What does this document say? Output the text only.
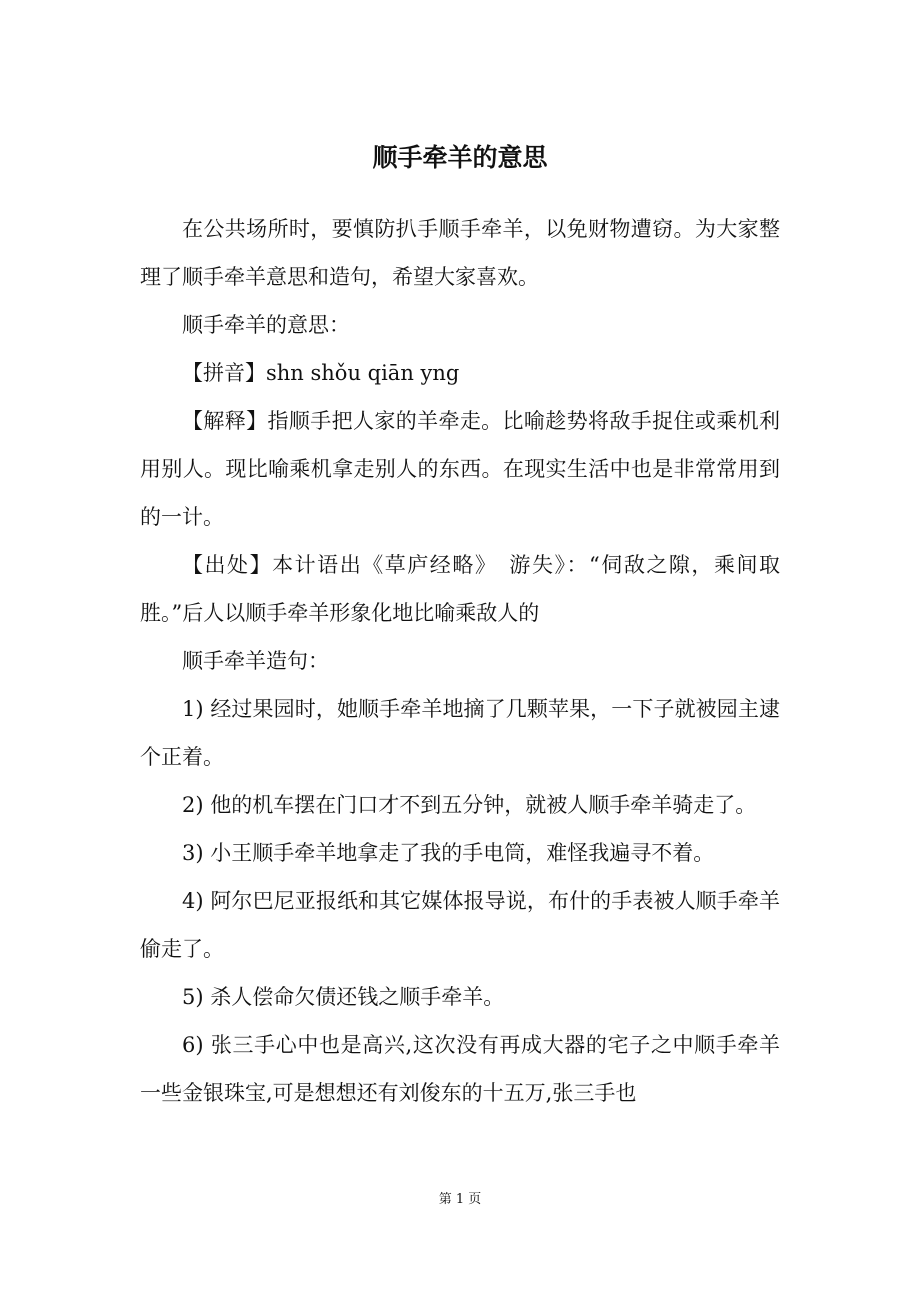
顺手牵羊的意思

在公共场所时，要慎防扒手顺手牵羊，以免财物遭窃。为大家整理了顺手牵羊意思和造句，希望大家喜欢。

顺手牵羊的意思：

【拼音】shn shǒu qiān yng

【解释】指顺手把人家的羊牵走。比喻趁势将敌手捉住或乘机利用别人。现比喻乘机拿走别人的东西。在现实生活中也是非常常用到的一计。

【出处】本计语出《草庐经略》　游失》：“伺敌之隙，乘间取胜。”后人以顺手牵羊形象化地比喻乘敌人的

顺手牵羊造句：

1) 经过果园时，她顺手牵羊地摘了几颗苹果，一下子就被园主逮个正着。

2) 他的机车摆在门口才不到五分钟，就被人顺手牵羊骑走了。

3) 小王顺手牵羊地拿走了我的手电筒，难怪我遍寻不着。

4) 阿尔巴尼亚报纸和其它媒体报导说，布什的手表被人顺手牵羊偷走了。

5) 杀人偿命欠债还钱之顺手牵羊。

6) 张三手心中也是高兴,这次没有再成大器的宅子之中顺手牵羊一些金银珠宝,可是想想还有刘俊东的十五万,张三手也

第 1 页
